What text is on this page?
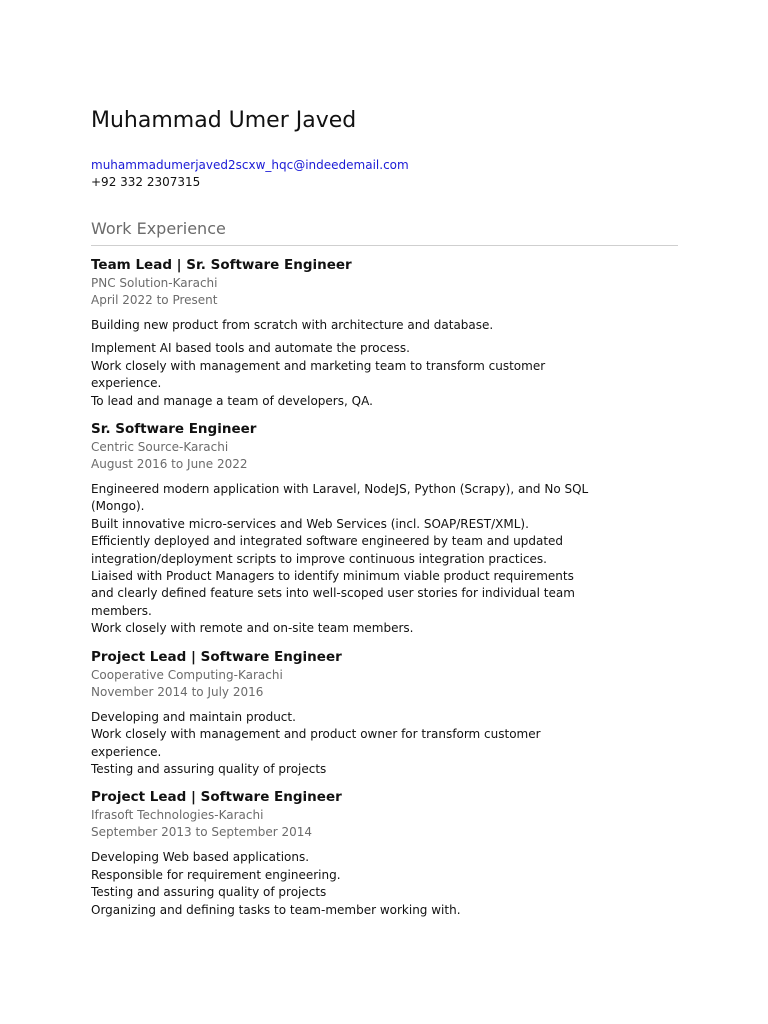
Muhammad Umer Javed
muhammadumerjaved2scxw_hqc@indeedemail.com
+92 332 2307315
Work Experience
Team Lead | Sr. Software Engineer
PNC Solution-Karachi
April 2022 to Present

Building new product from scratch with architecture and database.

Implement AI based tools and automate the process.

Work closely with management and marketing team to transform customer experience.

To lead and manage a team of developers, QA.

Sr. Software Engineer
Centric Source-Karachi
August 2016 to June 2022

Engineered modern application with Laravel, NodeJS, Python (Scrapy), and No SQL (Mongo).

Built innovative micro-services and Web Services (incl. SOAP/REST/XML).

Efficiently deployed and integrated software engineered by team and updated integration/deployment scripts to improve continuous integration practices.

Liaised with Product Managers to identify minimum viable product requirements and clearly defined feature sets into well-scoped user stories for individual team members.

Work closely with remote and on-site team members.

Project Lead | Software Engineer
Cooperative Computing-Karachi
November 2014 to July 2016

Developing and maintain product.

Work closely with management and product owner for transform customer experience.

Testing and assuring quality of projects

Project Lead | Software Engineer
Ifrasoft Technologies-Karachi
September 2013 to September 2014

Developing Web based applications.

Responsible for requirement engineering.

Testing and assuring quality of projects

Organizing and defining tasks to team-member working with.
